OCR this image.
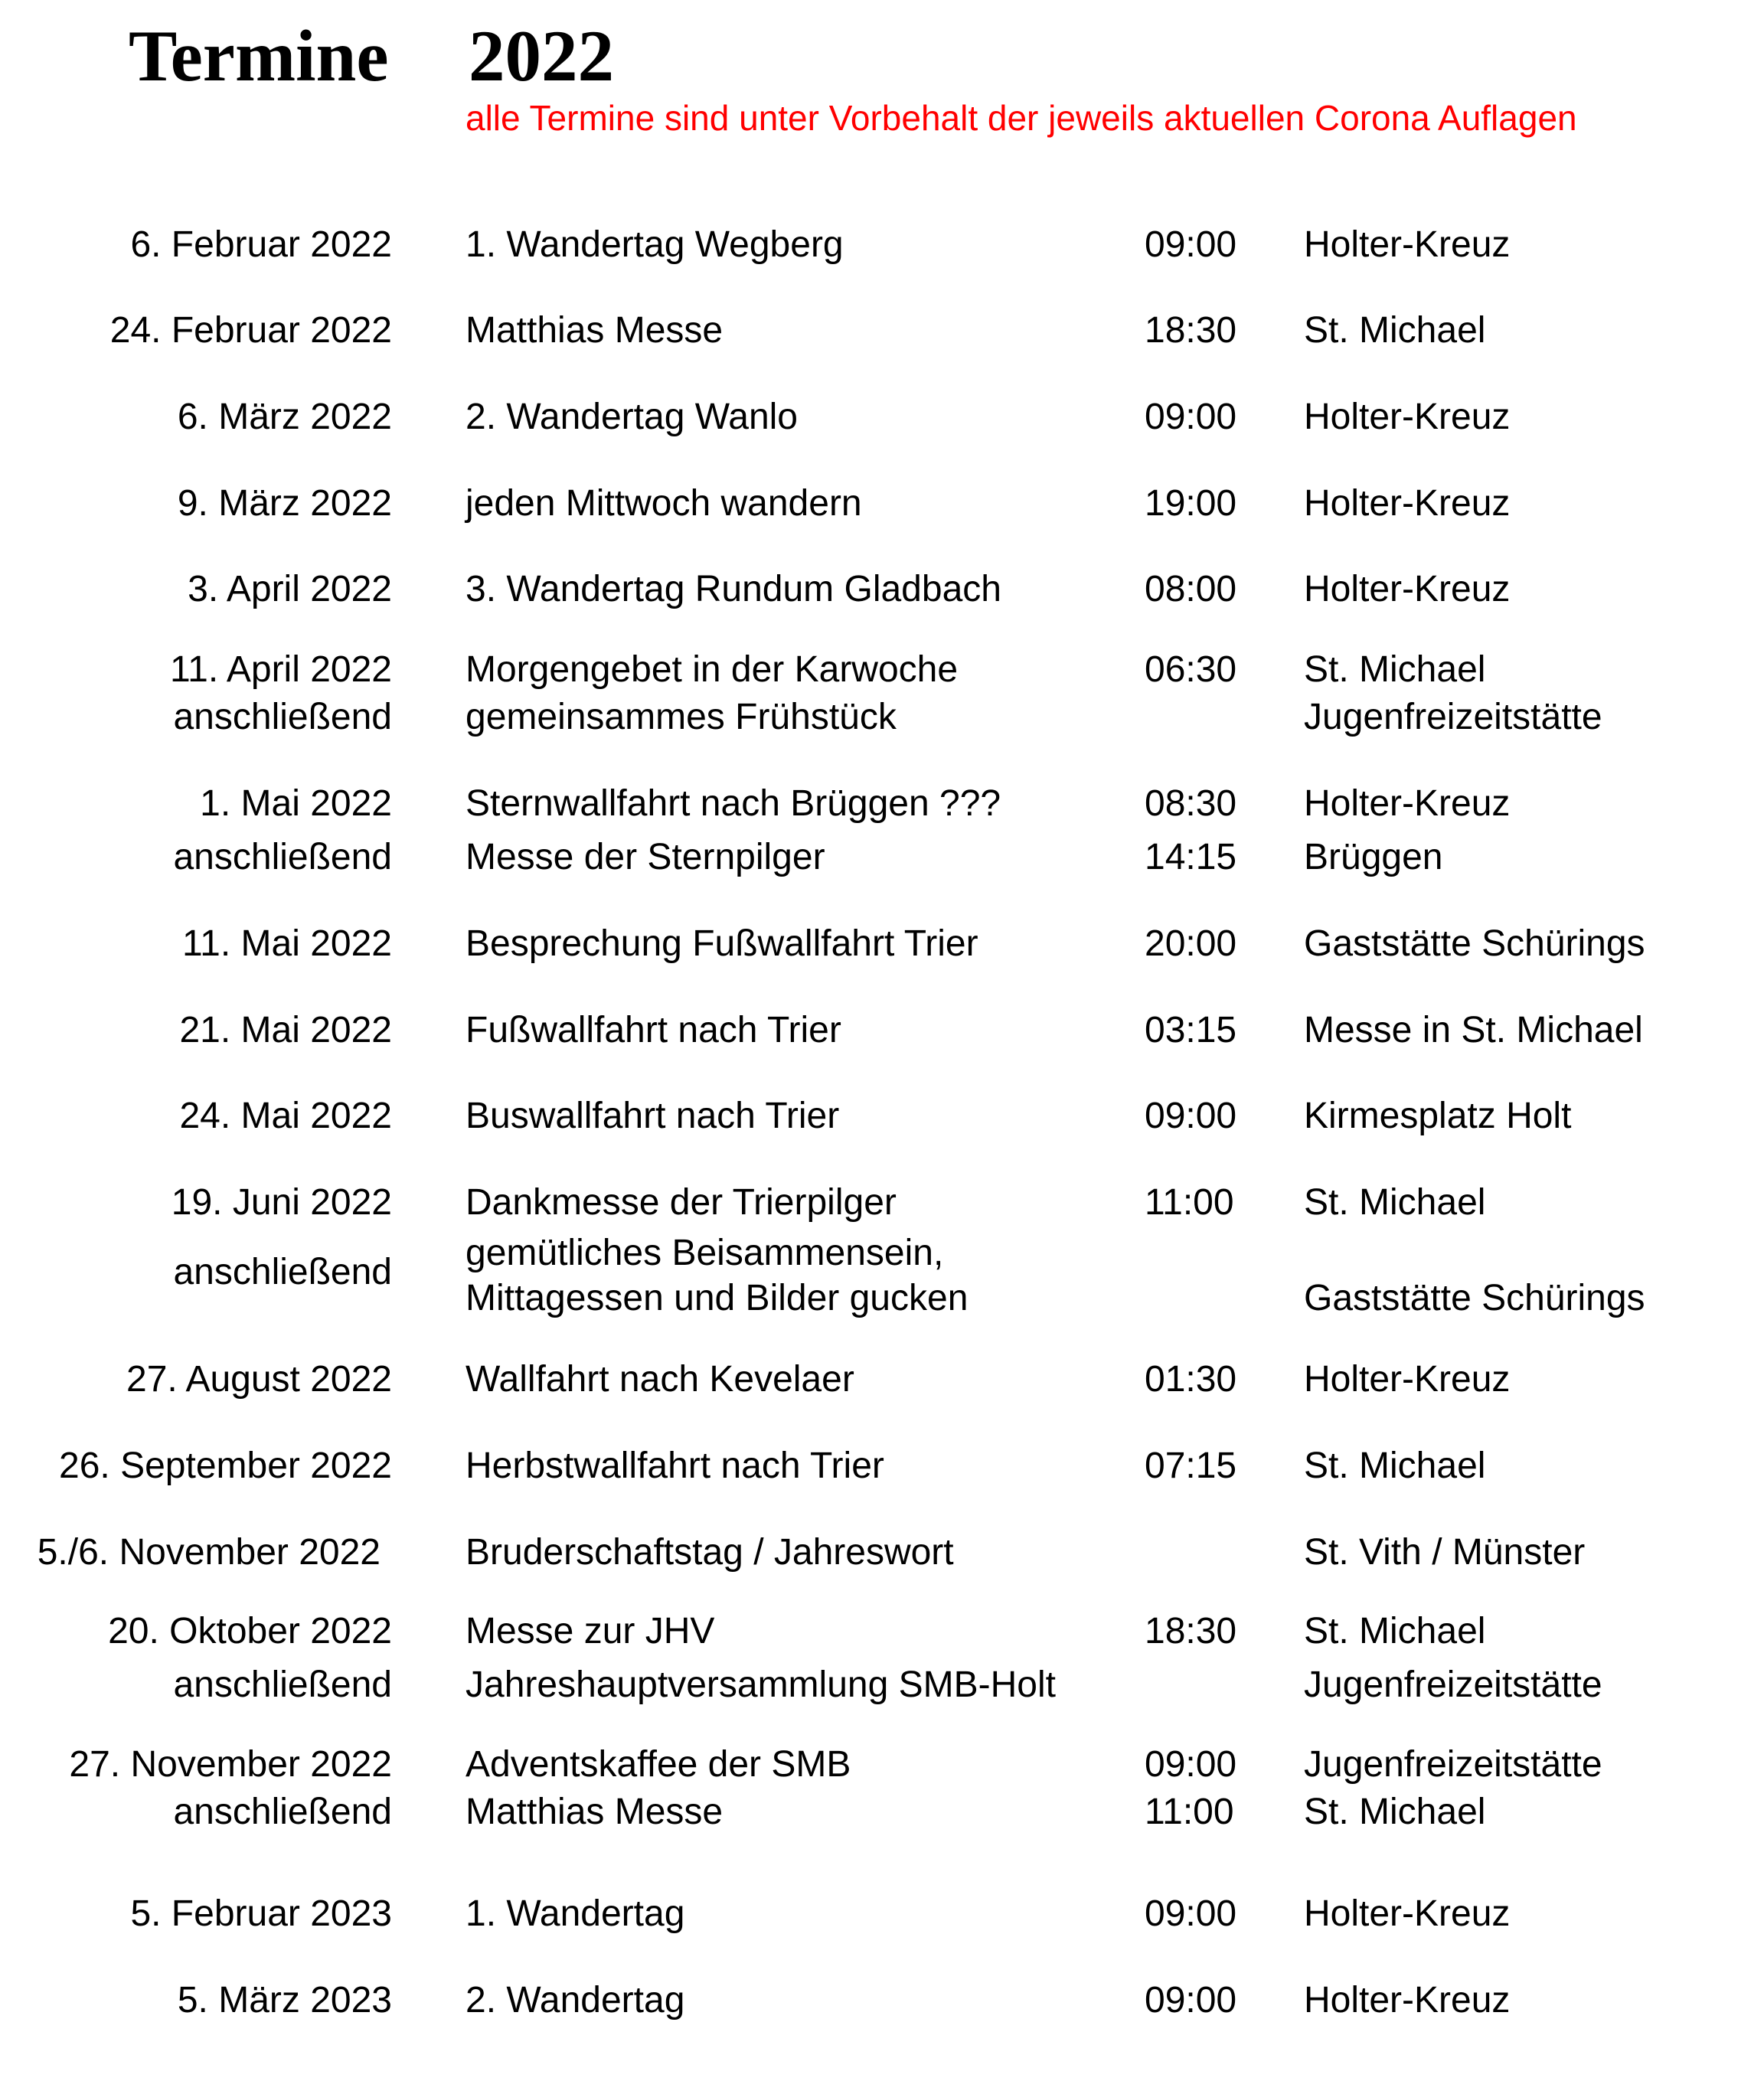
Termine 2022
alle Termine sind unter Vorbehalt der jeweils aktuellen Corona Auflagen
6. Februar 2022 1. Wandertag Wegberg	09:00 Holter-Kreuz
24. Februar 2022 Matthias Messe	18:30 St. Michael
6. März 2022 2. Wandertag Wanlo	09:00 Holter-Kreuz
9. März 2022 jeden Mittwoch wandern	19:00 Holter-Kreuz
3. April 2022 3. Wandertag Rundum Gladbach	08:00 Holter-Kreuz
11. April 2022 Morgengebet in der Karwoche	06:30 St. Michael
anschließend gemeinsammes Frühstück	Jugenfreizeitstätte
1. Mai 2022 Sternwallfahrt nach Brüggen ???	08:30 Holter-Kreuz
anschließend Messe der Sternpilger	14:15 Brüggen
11. Mai 2022 Besprechung Fußwallfahrt Trier	20:00 Gaststätte Schürings
21. Mai 2022 Fußwallfahrt nach Trier	03:15 Messe in St. Michael
24. Mai 2022 Buswallfahrt nach Trier	09:00 Kirmesplatz Holt
19. Juni 2022 Dankmesse der Trierpilger	11:00 St. Michael
anschließend gemütliches Beisammensein,
Mittagessen und Bilder gucken	Gaststätte Schürings
27. August 2022 Wallfahrt nach Kevelaer	01:30 Holter-Kreuz
26. September 2022 Herbstwallfahrt nach Trier	07:15 St. Michael
5./6. November 2022 Bruderschaftstag / Jahreswort	St. Vith / Münster
20. Oktober 2022 Messe zur JHV	18:30 St. Michael
anschließend Jahreshauptversammlung SMB-Holt	Jugenfreizeitstätte
27. November 2022 Adventskaffee der SMB	09:00 Jugenfreizeitstätte
anschließend Matthias Messe	11:00 St. Michael
5. Februar 2023 1. Wandertag	09:00 Holter-Kreuz
5. März 2023 2. Wandertag	09:00 Holter-Kreuz
